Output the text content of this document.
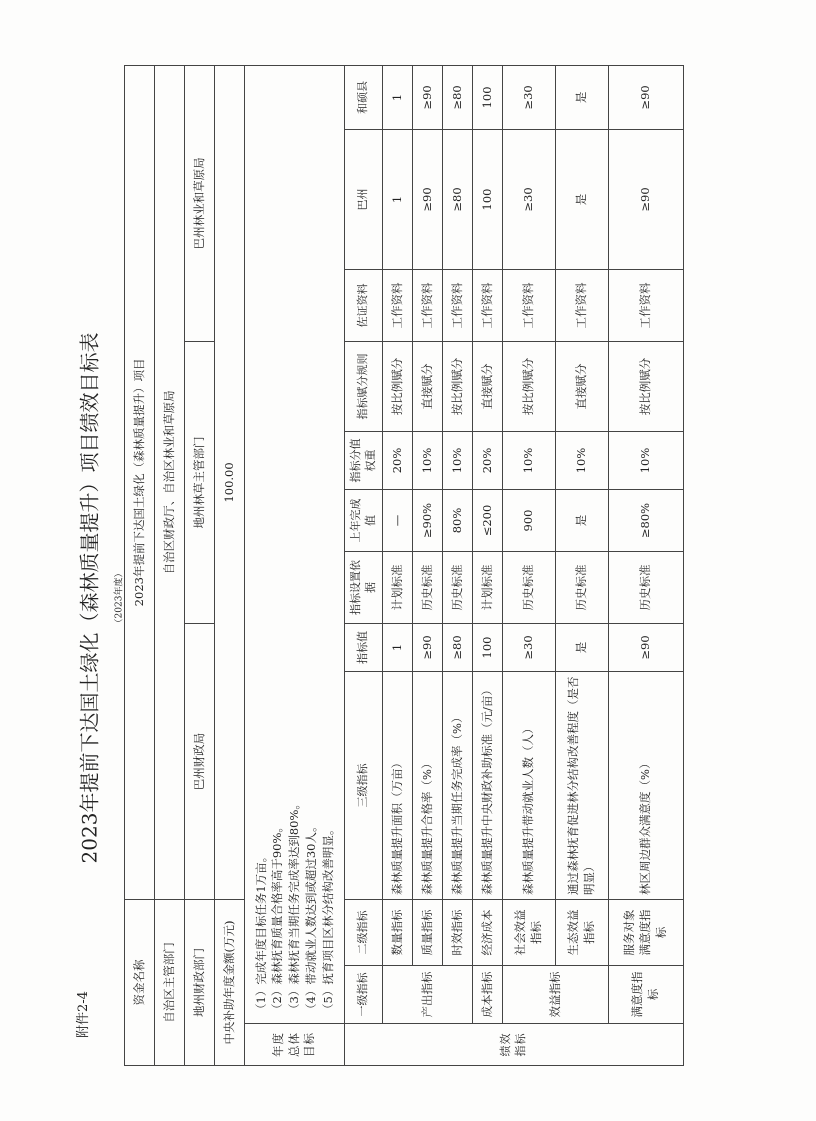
附件2-4
2023年提前下达国土绿化（森林质量提升）项目绩效目标表	（2023年度）
资金名称			2023年提前下达国土绿化（森林质量提升）项目								
自治区主管部门			自治区财政厅、自治区林业和草原局								
地州财政部门			巴州财政局		地州林草主管部门				巴州林业和草原局		
中央补助年度金额(万元)			100.00								
年度总体目标	（1）完成年度目标任务1万亩。 （2）森林抚育质量合格率高于90%。 （3）森林抚育当期任务完成率达到80%。 （4）带动就业人数达到或超过30人。 （5）抚育项目区林分结构改善明显。										

绩效指标	一级指标	二级指标	三级指标	指标值	指标设置依据	上年完成值	指标分值权重	指标赋分规则	佐证资料	巴州	和硕县
	产出指标	数量指标	森林质量提升面积（万亩）	1	计划标准	—	20%	按比例赋分	工作资料	1	1
		质量指标	森林质量提升合格率（%）	≥90	历史标准	≥90%	10%	直接赋分	工作资料	≥90	≥90
		时效指标	森林质量提升当期任务完成率（%）	≥80	历史标准	80%	10%	按比例赋分	工作资料	≥80	≥80
	成本指标	经济成本	森林质量提升中央财政补助标准（元/亩）	100	计划标准	≤200	20%	直接赋分	工作资料	100	100
	效益指标	社会效益指标	森林质量提升带动就业人数（人）	≥30	历史标准	900	10%	按比例赋分	工作资料	≥30	≥30
		生态效益指标	通过森林抚育促进林分结构改善程度（是否明显）	是	历史标准	是	10%	直接赋分	工作资料	是	是
	满意度指标	服务对象满意度指标	林区周边群众满意度（%）	≥90	历史标准	≥80%	10%	按比例赋分	工作资料	≥90	≥90
